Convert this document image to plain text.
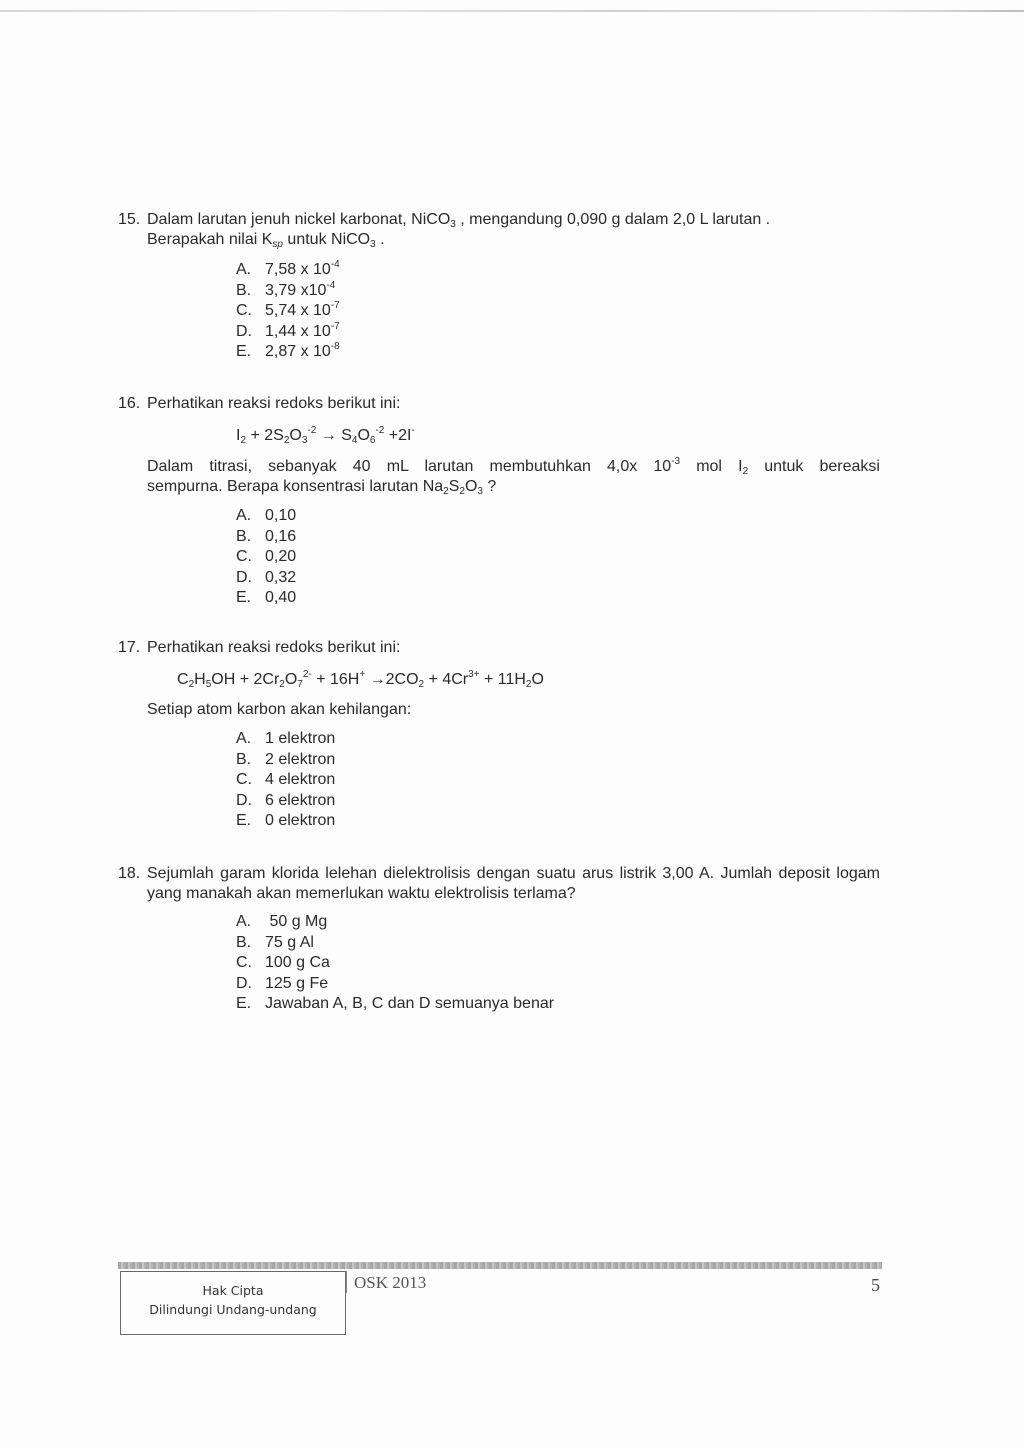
15. Dalam larutan jenuh nickel karbonat, NiCO$_3$ , mengandung 0,090 g dalam 2,0 L larutan .

Berapakah nilai $K_{sp}$ untuk NiCO$_3$ .

A. 7,58 x $10^{-4}$
B. 3,79 $x10^{-4}$
C. 5,74 x $10^{-7}$
D. 1,44 x $10^{-7}$
E. 2,87 x $10^{-8}$
16. Perhatikan reaksi redoks berikut ini:

$I_2 + 2S_2O_3^{-2} \to S_4O_6^{-2} +2I^-$

Dalam titrasi, sebanyak 40 mL larutan membutuhkan 4,0x $10^{-3}$ mol $I_2$ untuk bereaksi

sempurna. Berapa konsentrasi larutan $Na_2S_2O_3$ ?

A. 0,10
B. 0,16
C. 0,20
D. 0,32
E. 0,40
17. Perhatikan reaksi redoks berikut ini:

$C_2H_5OH + 2Cr_2O_7^{2-} + 16H^+ \to 2CO_2 + 4Cr^{3+} + 11H_2O$

Setiap atom karbon akan kehilangan:

A. 1 elektron
B. 2 elektron
C. 4 elektron
D. 6 elektron
E. 0 elektron
18. Sejumlah garam klorida lelehan dielektrolisis dengan suatu arus listrik 3,00 A. Jumlah deposit logam yang manakah akan memerlukan waktu elektrolisis terlama?

A. 50 g Mg
B. 75 g Al
C. 100 g Ca
D. 125 g Fe
E. Jawaban A, B, C dan D semuanya benar
Hak Cipta
Dilindungi Undang-undang
OSK 2013	5
